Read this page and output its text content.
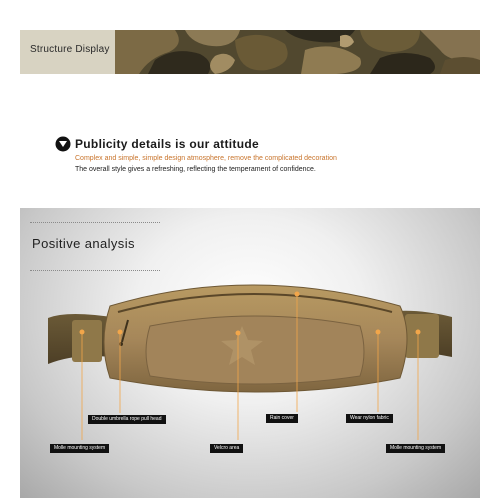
Structure Display
Publicity details is our attitude
Complex and simple, simple design atmosphere, remove the complicated decoration
The overall style gives a refreshing, reflecting the temperament of confidence.
Positive analysis
Double umbrella rope pull head	Rain cover	Wear nylon fabric
Molle mounting system	Velcro area	Molle mounting system
